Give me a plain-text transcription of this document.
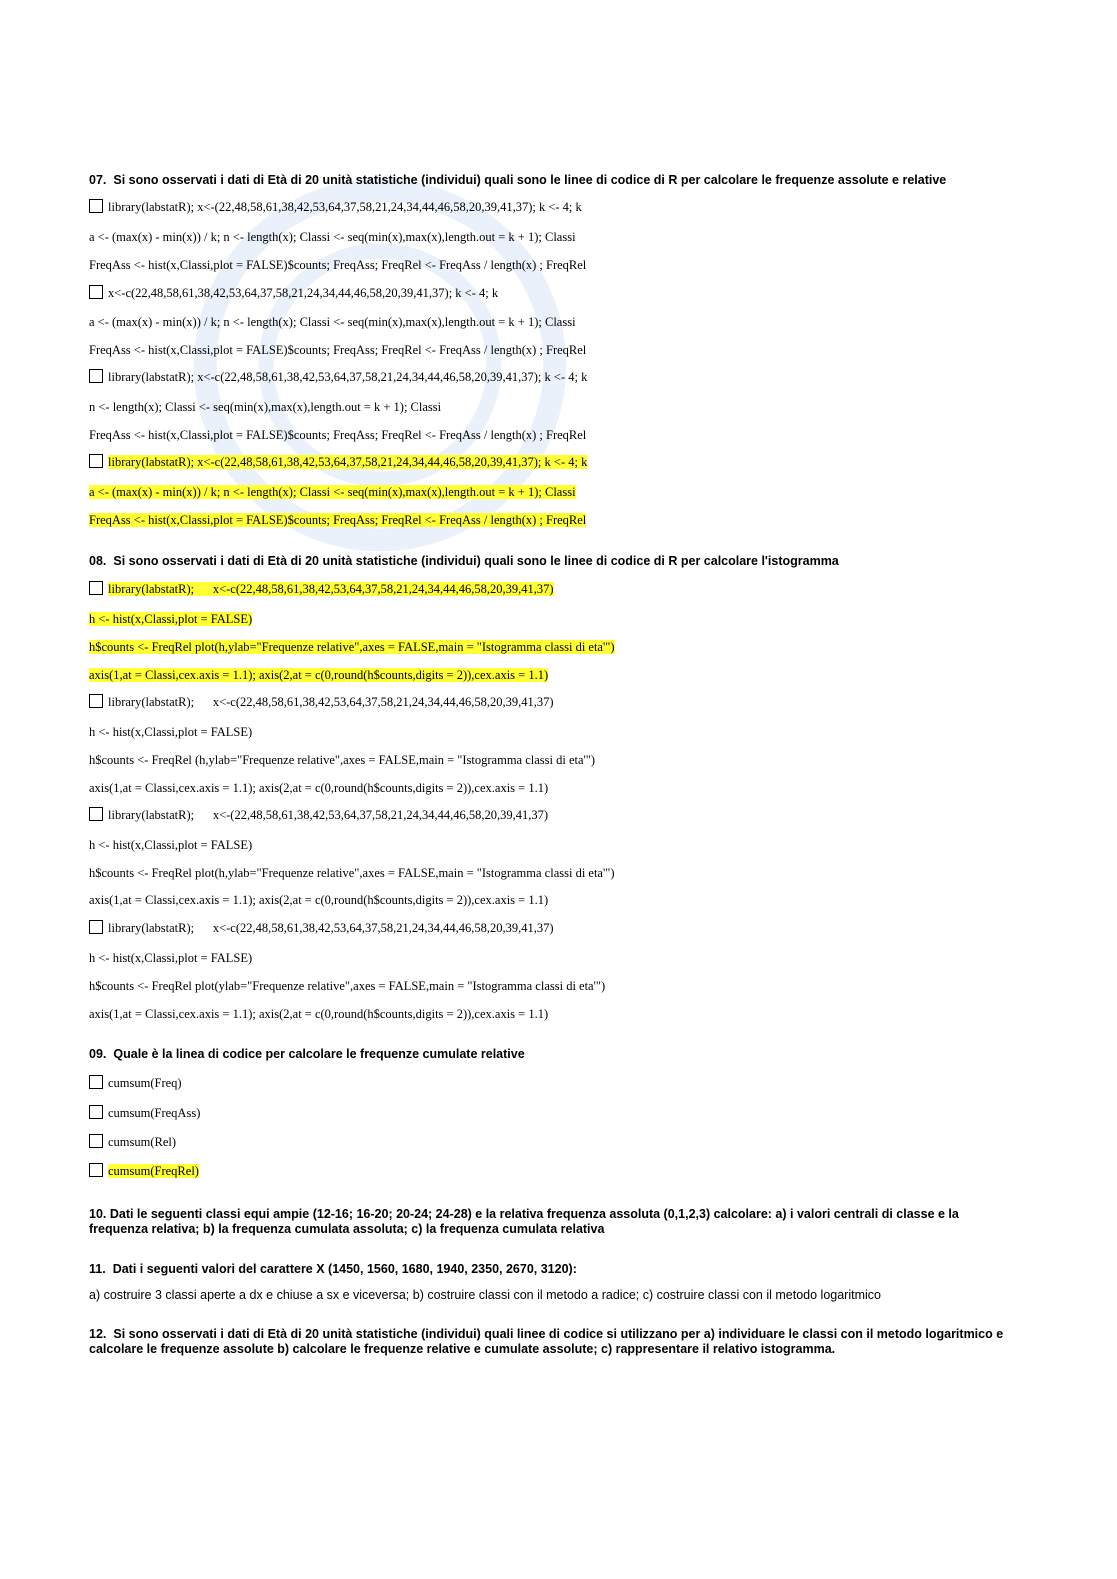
07. Si sono osservati i dati di Età di 20 unità statistiche (individui) quali sono le linee di codice di R per calcolare le frequenze assolute e relative
library(labstatR); x<-(22,48,58,61,38,42,53,64,37,58,21,24,34,44,46,58,20,39,41,37); k <- 4; k
a <- (max(x) - min(x)) / k; n <- length(x); Classi <- seq(min(x),max(x),length.out = k + 1); Classi
FreqAss <- hist(x,Classi,plot = FALSE)$counts; FreqAss; FreqRel <- FreqAss / length(x) ; FreqRel
x<-c(22,48,58,61,38,42,53,64,37,58,21,24,34,44,46,58,20,39,41,37); k <- 4; k
a <- (max(x) - min(x)) / k; n <- length(x); Classi <- seq(min(x),max(x),length.out = k + 1); Classi
FreqAss <- hist(x,Classi,plot = FALSE)$counts; FreqAss; FreqRel <- FreqAss / length(x) ; FreqRel
library(labstatR); x<-c(22,48,58,61,38,42,53,64,37,58,21,24,34,44,46,58,20,39,41,37); k <- 4; k
n <- length(x); Classi <- seq(min(x),max(x),length.out = k + 1); Classi
FreqAss <- hist(x,Classi,plot = FALSE)$counts; FreqAss; FreqRel <- FreqAss / length(x) ; FreqRel
library(labstatR); x<-c(22,48,58,61,38,42,53,64,37,58,21,24,34,44,46,58,20,39,41,37); k <- 4; k
a <- (max(x) - min(x)) / k; n <- length(x); Classi <- seq(min(x),max(x),length.out = k + 1); Classi
FreqAss <- hist(x,Classi,plot = FALSE)$counts; FreqAss; FreqRel <- FreqAss / length(x) ; FreqRel
08. Si sono osservati i dati di Età di 20 unità statistiche (individui) quali sono le linee di codice di R per calcolare l'istogramma
library(labstatR);      x<-c(22,48,58,61,38,42,53,64,37,58,21,24,34,44,46,58,20,39,41,37)
h <- hist(x,Classi,plot = FALSE)
h$counts <- FreqRel plot(h,ylab="Frequenze relative",axes = FALSE,main = "Istogramma classi di eta'")
axis(1,at = Classi,cex.axis = 1.1); axis(2,at = c(0,round(h$counts,digits = 2)),cex.axis = 1.1)
library(labstatR);      x<-c(22,48,58,61,38,42,53,64,37,58,21,24,34,44,46,58,20,39,41,37)
h <- hist(x,Classi,plot = FALSE)
h$counts <- FreqRel (h,ylab="Frequenze relative",axes = FALSE,main = "Istogramma classi di eta'")
axis(1,at = Classi,cex.axis = 1.1); axis(2,at = c(0,round(h$counts,digits = 2)),cex.axis = 1.1)
library(labstatR);      x<-(22,48,58,61,38,42,53,64,37,58,21,24,34,44,46,58,20,39,41,37)
h <- hist(x,Classi,plot = FALSE)
h$counts <- FreqRel plot(h,ylab="Frequenze relative",axes = FALSE,main = "Istogramma classi di eta'")
axis(1,at = Classi,cex.axis = 1.1); axis(2,at = c(0,round(h$counts,digits = 2)),cex.axis = 1.1)
library(labstatR);      x<-c(22,48,58,61,38,42,53,64,37,58,21,24,34,44,46,58,20,39,41,37)
h <- hist(x,Classi,plot = FALSE)
h$counts <- FreqRel plot(ylab="Frequenze relative",axes = FALSE,main = "Istogramma classi di eta'")
axis(1,at = Classi,cex.axis = 1.1); axis(2,at = c(0,round(h$counts,digits = 2)),cex.axis = 1.1)
09. Quale è la linea di codice per calcolare le frequenze cumulate relative
cumsum(Freq)
cumsum(FreqAss)
cumsum(Rel)
cumsum(FreqRel)
10. Dati le seguenti classi equi ampie (12-16; 16-20; 20-24; 24-28) e la relativa frequenza assoluta (0,1,2,3) calcolare: a) i valori centrali di classe e la frequenza relativa; b) la frequenza cumulata assoluta; c) la frequenza cumulata relativa
11. Dati i seguenti valori del carattere X (1450, 1560, 1680, 1940, 2350, 2670, 3120):
a) costruire 3 classi aperte a dx e chiuse a sx e viceversa; b) costruire classi con il metodo a radice; c) costruire classi con il metodo logaritmico
12. Si sono osservati i dati di Età di 20 unità statistiche (individui) quali linee di codice si utilizzano per a) individuare le classi con il metodo logaritmico e calcolare le frequenze assolute b) calcolare le frequenze relative e cumulate assolute; c) rappresentare il relativo istogramma.
